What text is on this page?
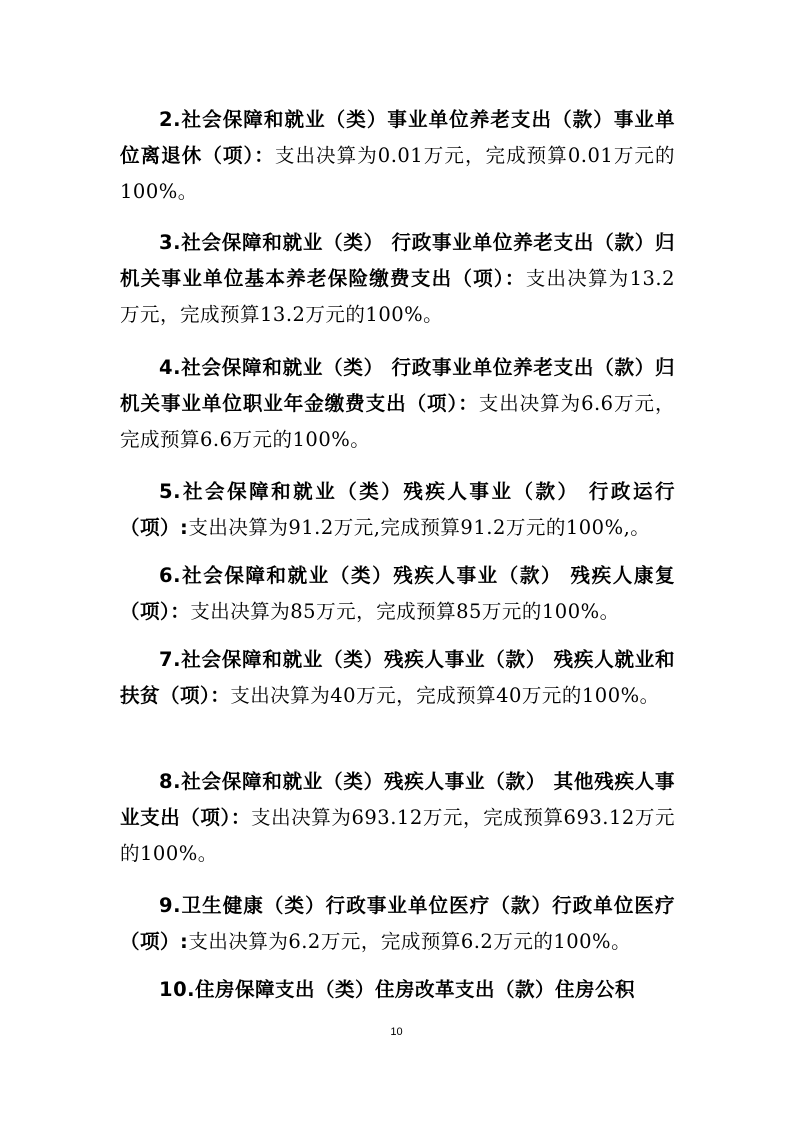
2.社会保障和就业（类）事业单位养老支出（款）事业单位离退休（项）：支出决算为0.01万元，完成预算0.01万元的100%。

3.社会保障和就业（类） 行政事业单位养老支出（款）归机关事业单位基本养老保险缴费支出（项）：支出决算为13.2万元，完成预算13.2万元的100%。

4.社会保障和就业（类） 行政事业单位养老支出（款）归机关事业单位职业年金缴费支出（项）：支出决算为6.6万元，完成预算6.6万元的100%。

5.社会保障和就业（类）残疾人事业（款） 行政运行（项）:支出决算为91.2万元,完成预算91.2万元的100%,。

6.社会保障和就业（类）残疾人事业（款） 残疾人康复（项）：支出决算为85万元，完成预算85万元的100%。

7.社会保障和就业（类）残疾人事业（款） 残疾人就业和扶贫（项）：支出决算为40万元，完成预算40万元的100%。

8.社会保障和就业（类）残疾人事业（款） 其他残疾人事业支出（项）：支出决算为693.12万元，完成预算693.12万元的100%。

9.卫生健康（类）行政事业单位医疗（款）行政单位医疗（项）:支出决算为6.2万元，完成预算6.2万元的100%。

10.住房保障支出（类）住房改革支出（款）住房公积

10
